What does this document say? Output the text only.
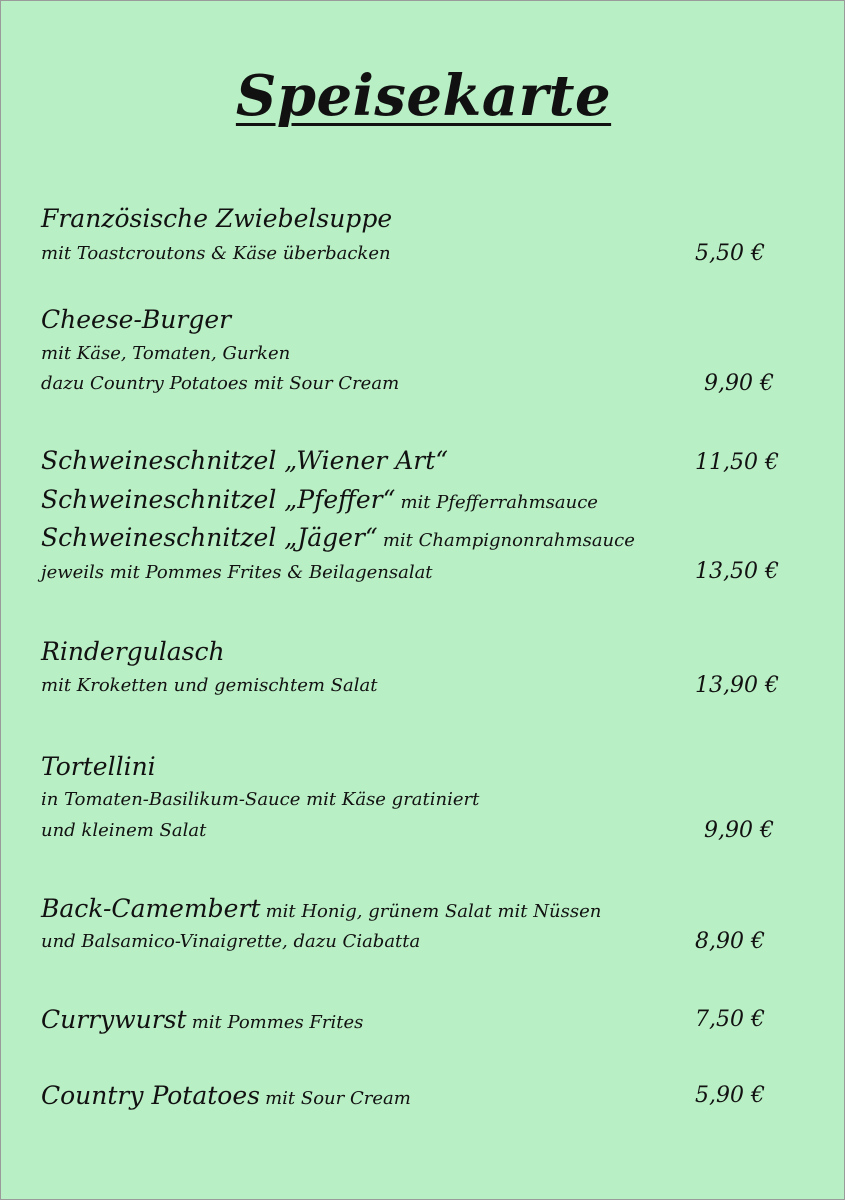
Speisekarte
Französische Zwiebelsuppe
mit Toastcroutons & Käse überbacken	5,50 €
Cheese-Burger
mit Käse, Tomaten, Gurken
dazu Country Potatoes mit Sour Cream	9,90 €
Schweineschnitzel „Wiener Art“	11,50 €
Schweineschnitzel „Pfeffer“ mit Pfefferrahmsauce
Schweineschnitzel „Jäger“ mit Champignonrahmsauce
jeweils mit Pommes Frites & Beilagensalat	13,50 €
Rindergulasch
mit Kroketten und gemischtem Salat	13,90 €
Tortellini
in Tomaten-Basilikum-Sauce mit Käse gratiniert
und kleinem Salat	9,90 €
Back-Camembert mit Honig, grünem Salat mit Nüssen
und Balsamico-Vinaigrette, dazu Ciabatta	8,90 €
Currywurst mit Pommes Frites	7,50 €
Country Potatoes mit Sour Cream	5,90 €
